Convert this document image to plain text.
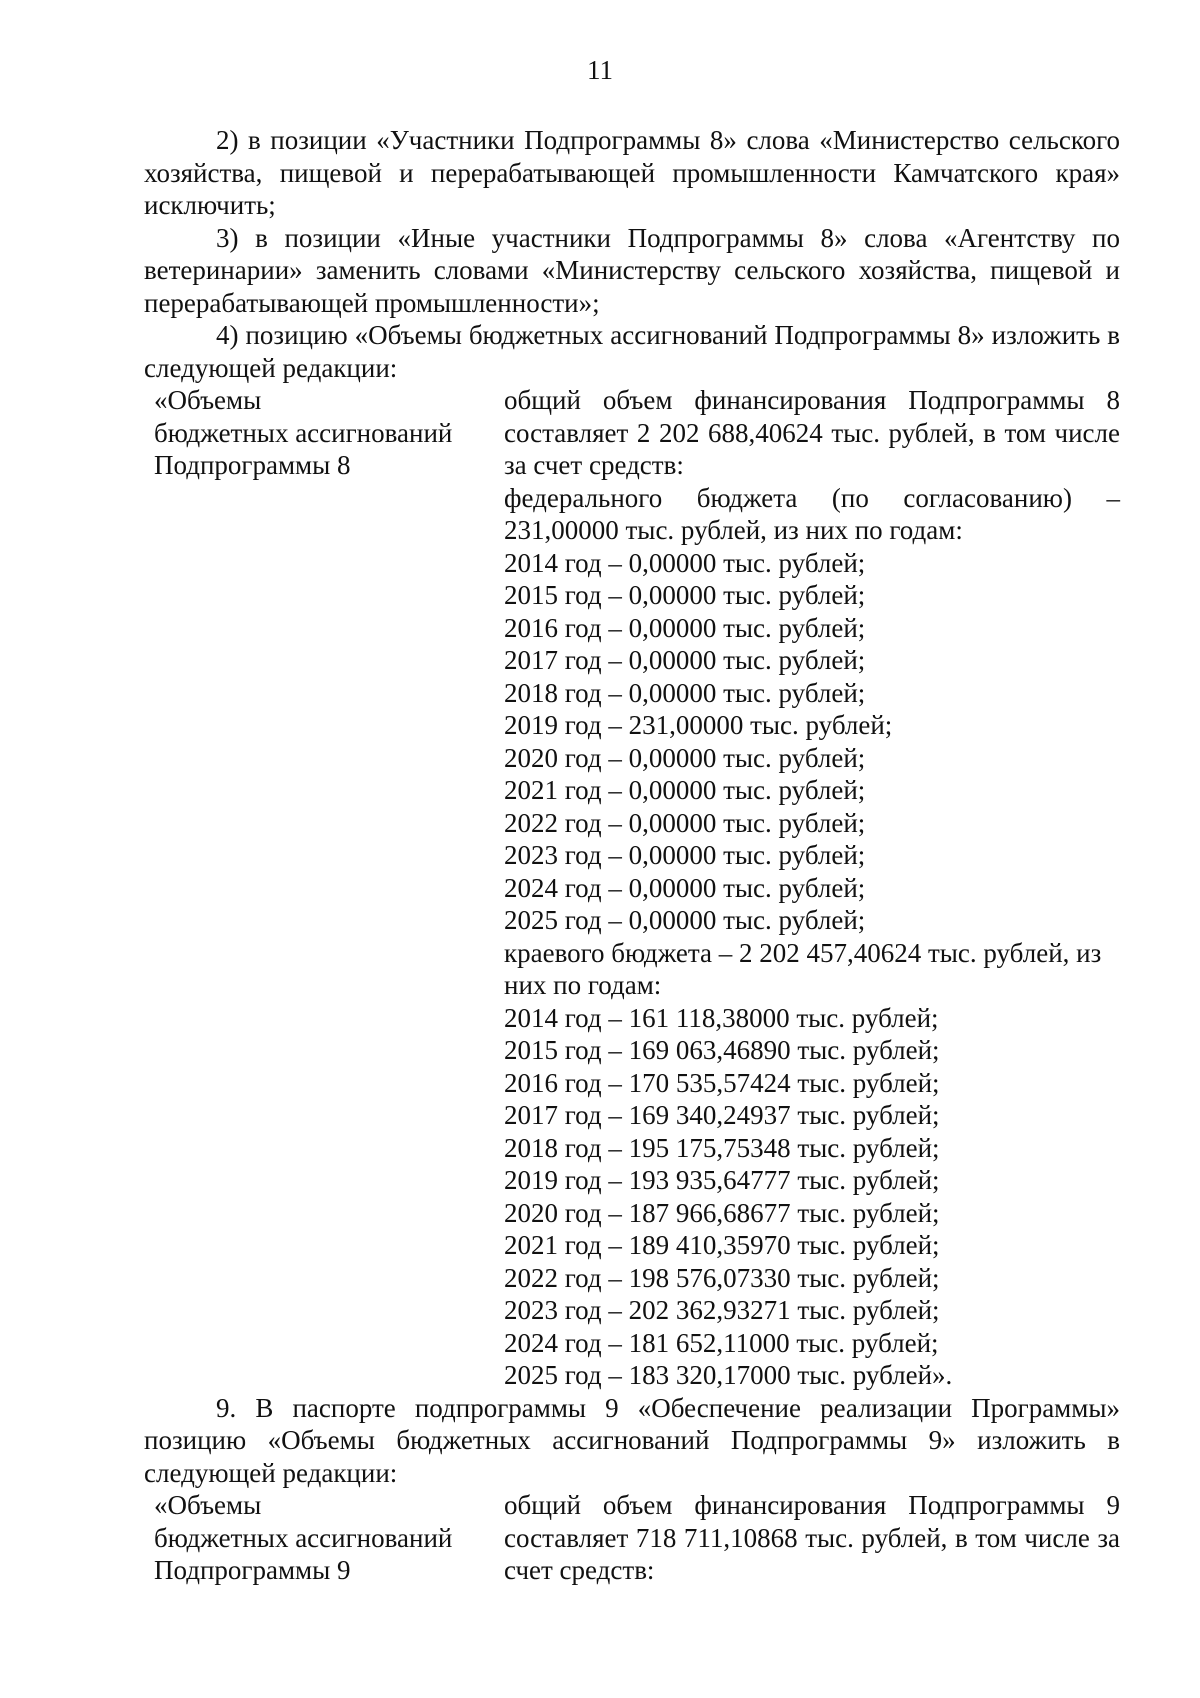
11

2) в позиции «Участники Подпрограммы 8» слова «Министерство сельского хозяйства, пищевой и перерабатывающей промышленности Камчатского края» исключить;

3) в позиции «Иные участники Подпрограммы 8» слова «Агентству по ветеринарии» заменить словами «Министерству сельского хозяйства, пищевой и перерабатывающей промышленности»;

4) позицию «Объемы бюджетных ассигнований Подпрограммы 8» изложить в следующей редакции:

«Объемы
бюджетных ассигнований
Подпрограммы 8
общий объем финансирования Подпрограммы 8 составляет 2 202 688,40624 тыс. рублей, в том числе за счет средств:
федерального бюджета (по согласованию) – 231,00000 тыс. рублей, из них по годам:
2014 год – 0,00000 тыс. рублей;
2015 год – 0,00000 тыс. рублей;
2016 год – 0,00000 тыс. рублей;
2017 год – 0,00000 тыс. рублей;
2018 год – 0,00000 тыс. рублей;
2019 год – 231,00000 тыс. рублей;
2020 год – 0,00000 тыс. рублей;
2021 год – 0,00000 тыс. рублей;
2022 год – 0,00000 тыс. рублей;
2023 год – 0,00000 тыс. рублей;
2024 год – 0,00000 тыс. рублей;
2025 год – 0,00000 тыс. рублей;
краевого бюджета – 2 202 457,40624 тыс. рублей, из них по годам:
2014 год – 161 118,38000 тыс. рублей;
2015 год – 169 063,46890 тыс. рублей;
2016 год – 170 535,57424 тыс. рублей;
2017 год – 169 340,24937 тыс. рублей;
2018 год – 195 175,75348 тыс. рублей;
2019 год – 193 935,64777 тыс. рублей;
2020 год – 187 966,68677 тыс. рублей;
2021 год – 189 410,35970 тыс. рублей;
2022 год – 198 576,07330 тыс. рублей;
2023 год – 202 362,93271 тыс. рублей;
2024 год – 181 652,11000 тыс. рублей;
2025 год – 183 320,17000 тыс. рублей».

9. В паспорте подпрограммы 9 «Обеспечение реализации Программы» позицию «Объемы бюджетных ассигнований Подпрограммы 9» изложить в следующей редакции:

«Объемы
бюджетных ассигнований
Подпрограммы 9
общий объем финансирования Подпрограммы 9 составляет 718 711,10868 тыс. рублей, в том числе за счет средств:
